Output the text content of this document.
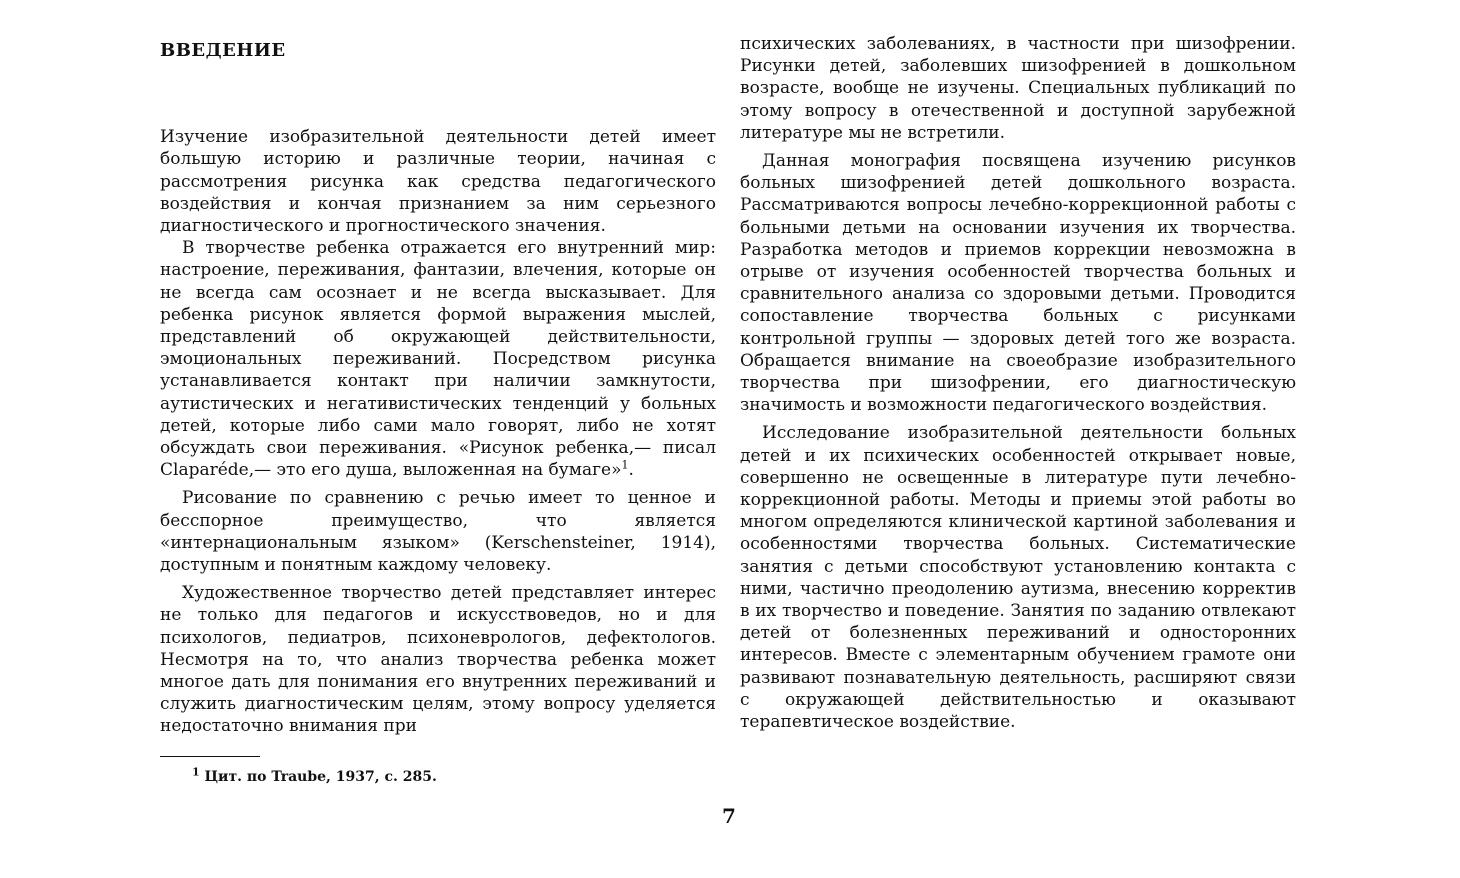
ВВЕДЕНИЕ

Изучение изобразительной деятельности детей имеет большую историю и различные теории, начиная с рассмотрения рисунка как средства педагогического воздействия и кончая признанием за ним серьезного диагностического и прогностического значения.

В творчестве ребенка отражается его внутренний мир: настроение, переживания, фантазии, влечения, которые он не всегда сам осознает и не всегда высказывает. Для ребенка рисунок является формой выражения мыслей, представлений об окружающей действительности, эмоциональных переживаний. Посредством рисунка устанавливается контакт при наличии замкнутости, аутистических и негативистических тенденций у больных детей, которые либо сами мало говорят, либо не хотят обсуждать свои переживания. «Рисунок ребенка,— писал Claparéde,— это его душа, выложенная на бумаге»$^1$.

Рисование по сравнению с речью имеет то ценное и бесспорное преимущество, что является «интернациональным языком» (Kerschensteiner, 1914), доступным и понятным каждому человеку.

Художественное творчество детей представляет интерес не только для педагогов и искусствоведов, но и для психологов, педиатров, психоневрологов, дефектологов. Несмотря на то, что анализ творчества ребенка может многое дать для понимания его внутренних переживаний и служить диагностическим целям, этому вопросу уделяется недостаточно внимания при

$^1$ Цит. по Traube, 1937, с. 285.

психических заболеваниях, в частности при шизофрении. Рисунки детей, заболевших шизофренией в дошкольном возрасте, вообще не изучены. Специальных публикаций по этому вопросу в отечественной и доступной зарубежной литературе мы не встретили.

Данная монография посвящена изучению рисунков больных шизофренией детей дошкольного возраста. Рассматриваются вопросы лечебно-коррекционной работы с больными детьми на основании изучения их творчества. Разработка методов и приемов коррекции невозможна в отрыве от изучения особенностей творчества больных и сравнительного анализа со здоровыми детьми. Проводится сопоставление творчества больных с рисунками контрольной группы — здоровых детей того же возраста. Обращается внимание на своеобразие изобразительного творчества при шизофрении, его диагностическую значимость и возможности педагогического воздействия.

Исследование изобразительной деятельности больных детей и их психических особенностей открывает новые, совершенно не освещенные в литературе пути лечебно-коррекционной работы. Методы и приемы этой работы во многом определяются клинической картиной заболевания и особенностями творчества больных. Систематические занятия с детьми способствуют установлению контакта с ними, частично преодолению аутизма, внесению корректив в их творчество и поведение. Занятия по заданию отвлекают детей от болезненных переживаний и односторонних интересов. Вместе с элементарным обучением грамоте они развивают познавательную деятельность, расширяют связи с окружающей действительностью и оказывают терапевтическое воздействие.

7
